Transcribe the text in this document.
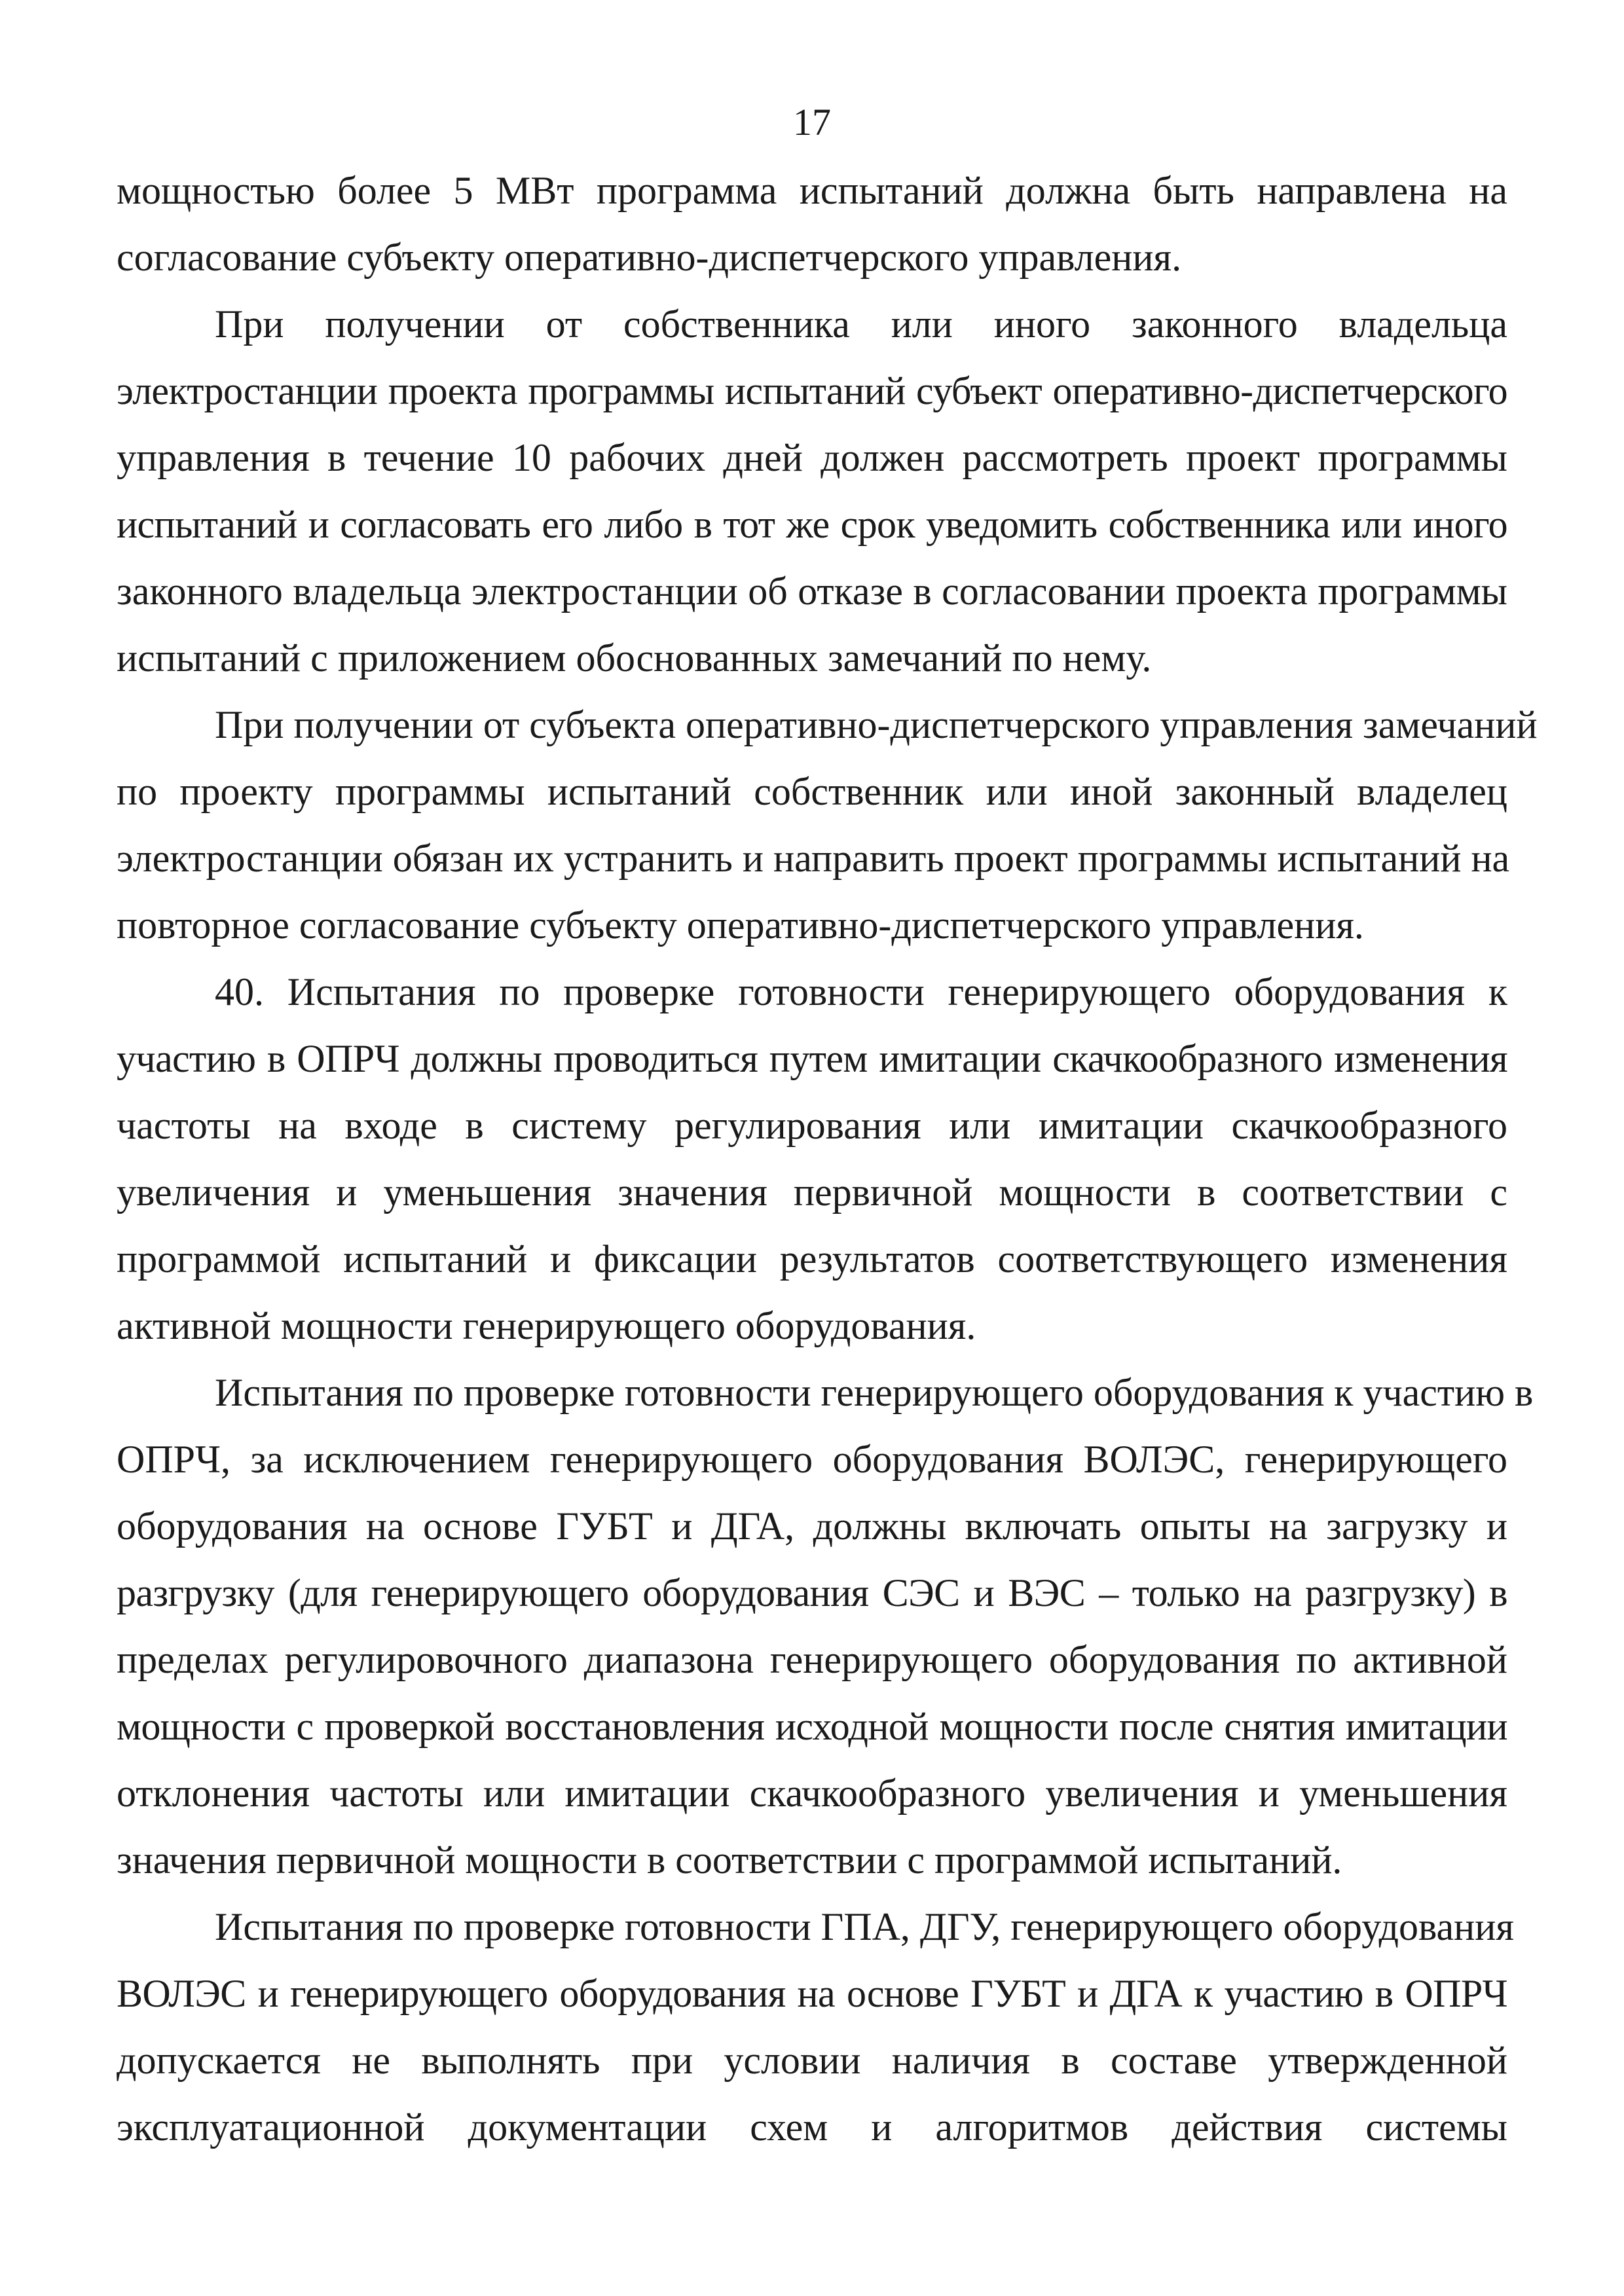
17
мощностью более 5 МВт программа испытаний должна быть направлена на
согласование субъекту оперативно-диспетчерского управления.
При получении от собственника или иного законного владельца
электростанции проекта программы испытаний субъект оперативно-диспетчерского
управления в течение 10 рабочих дней должен рассмотреть проект программы
испытаний и согласовать его либо в тот же срок уведомить собственника или иного
законного владельца электростанции об отказе в согласовании проекта программы
испытаний с приложением обоснованных замечаний по нему.
При получении от субъекта оперативно-диспетчерского управления замечаний
по проекту программы испытаний собственник или иной законный владелец
электростанции обязан их устранить и направить проект программы испытаний на
повторное согласование субъекту оперативно-диспетчерского управления.
40. Испытания по проверке готовности генерирующего оборудования к
участию в ОПРЧ должны проводиться путем имитации скачкообразного изменения
частоты на входе в систему регулирования или имитации скачкообразного
увеличения и уменьшения значения первичной мощности в соответствии с
программой испытаний и фиксации результатов соответствующего изменения
активной мощности генерирующего оборудования.
Испытания по проверке готовности генерирующего оборудования к участию в
ОПРЧ, за исключением генерирующего оборудования ВОЛЭС, генерирующего
оборудования на основе ГУБТ и ДГА, должны включать опыты на загрузку и
разгрузку (для генерирующего оборудования СЭС и ВЭС – только на разгрузку) в
пределах регулировочного диапазона генерирующего оборудования по активной
мощности с проверкой восстановления исходной мощности после снятия имитации
отклонения частоты или имитации скачкообразного увеличения и уменьшения
значения первичной мощности в соответствии с программой испытаний.
Испытания по проверке готовности ГПА, ДГУ, генерирующего оборудования
ВОЛЭС и генерирующего оборудования на основе ГУБТ и ДГА к участию в ОПРЧ
допускается не выполнять при условии наличия в составе утвержденной
эксплуатационной документации схем и алгоритмов действия системы
